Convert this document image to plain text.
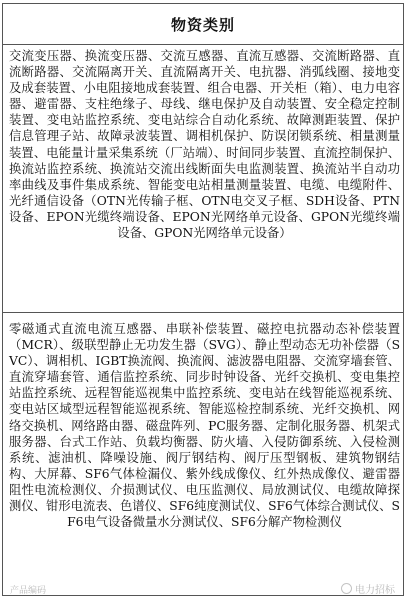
物资类别
交流变压器、换流变压器、交流互感器、直流互感器、交流断路器、直流断路器、交流隔离开关、直流隔离开关、电抗器、消弧线圈、接地变及成套装置、小电阻接地成套装置、组合电器、开关柜（箱）、电力电容器、避雷器、支柱绝缘子、母线、继电保护及自动装置、安全稳定控制装置、变电站监控系统、变电站综合自动化系统、故障测距装置、保护信息管理子站、故障录波装置、调相机保护、防误闭锁系统、相量测量装置、电能量计量采集系统（厂站端）、时间同步装置、直流控制保护、换流站监控系统、换流站交流出线断面失电监测装置、换流站半自动功率曲线及事件集成系统、智能变电站相量测量装置、电缆、电缆附件、光纤通信设备（OTN光传输子框、OTN电交叉子框、SDH设备、PTN设备、EPON光缆终端设备、EPON光网络单元设备、GPON光缆终端设备、GPON光网络单元设备）
零磁通式直流电流互感器、串联补偿装置、磁控电抗器动态补偿装置（MCR）、级联型静止无功发生器（SVG）、静止型动态无功补偿器（SVC）、调相机、IGBT换流阀、换流阀、滤波器电阻器、交流穿墙套管、直流穿墙套管、通信监控系统、同步时钟设备、光纤交换机、变电集控站监控系统、远程智能巡视集中监控系统、变电站在线智能巡视系统、变电站区域型远程智能巡视系统、智能巡检控制系统、光纤交换机、网络交换机、网络路由器、磁盘阵列、PC服务器、定制化服务器、机架式服务器、台式工作站、负载均衡器、防火墙、入侵防御系统、入侵检测系统、滤油机、降噪设施、阀厅钢结构、阀厅压型钢板、建筑物钢结构、大屏幕、SF6气体检漏仪、紫外线成像仪、红外热成像仪、避雷器阻性电流检测仪、介损测试仪、电压监测仪、局放测试仪、电缆故障探测仪、钳形电流表、色谱仪、SF6纯度测试仪、SF6气体综合测试仪、SF6电气设备微量水分测试仪、SF6分解产物检测仪
产品编码	电力招标
